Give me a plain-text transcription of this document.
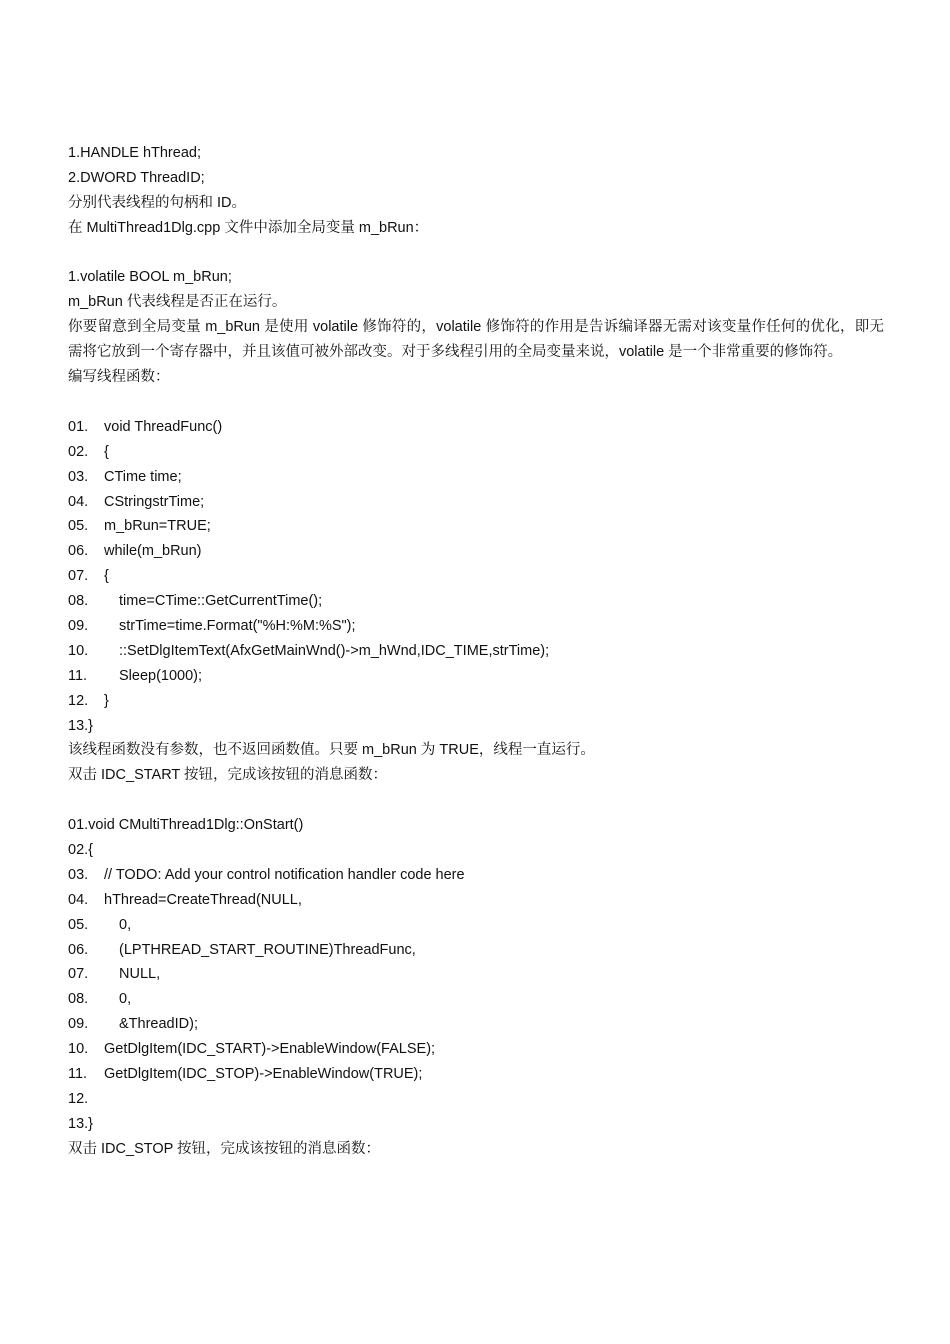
1.HANDLE hThread;

2.DWORD ThreadID;

分别代表线程的句柄和 ID。

在 MultiThread1Dlg.cpp 文件中添加全局变量 m_bRun：

1.volatile BOOL m_bRun;

m_bRun 代表线程是否正在运行。

你要留意到全局变量 m_bRun 是使用 volatile 修饰符的，volatile 修饰符的作用是告诉编译器无需对该变量作任何的优化，即无需将它放到一个寄存器中，并且该值可被外部改变。对于多线程引用的全局变量来说，volatile 是一个非常重要的修饰符。

编写线程函数：

01.	void ThreadFunc()
02.	{
03.	CTime time;
04.	CStringstrTime;
05.	m_bRun=TRUE;
06.	while(m_bRun)
07.	{
08.	time=CTime::GetCurrentTime();
09.	strTime=time.Format("%H:%M:%S");
10.	::SetDlgItemText(AfxGetMainWnd()->m_hWnd,IDC_TIME,strTime);
11.	Sleep(1000);
12.	}
13. }

该线程函数没有参数，也不返回函数值。只要 m_bRun 为 TRUE，线程一直运行。

双击 IDC_START 按钮，完成该按钮的消息函数：

01. void CMultiThread1Dlg::OnStart()
02. {
03.	// TODO: Add your control notification handler code here
04.	hThread=CreateThread(NULL,
05.	0,
06.	(LPTHREAD_START_ROUTINE)ThreadFunc,
07.	NULL,
08.	0,
09.	&ThreadID);
10.	GetDlgItem(IDC_START)->EnableWindow(FALSE);
11.	GetDlgItem(IDC_STOP)->EnableWindow(TRUE);
12.
13. }

双击 IDC_STOP 按钮，完成该按钮的消息函数：
